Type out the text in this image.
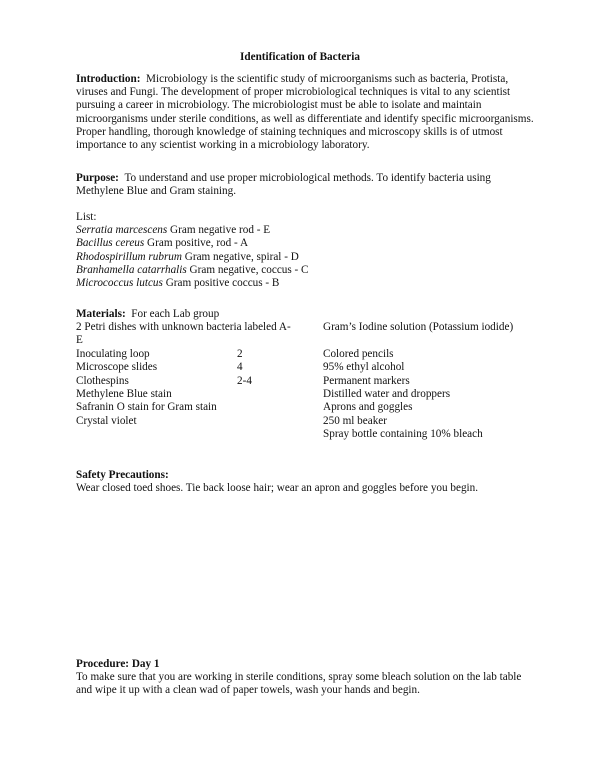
Identification of Bacteria

Introduction: Microbiology is the scientific study of microorganisms such as bacteria, Protista, viruses and Fungi. The development of proper microbiological techniques is vital to any scientist pursuing a career in microbiology. The microbiologist must be able to isolate and maintain microorganisms under sterile conditions, as well as differentiate and identify specific microorganisms. Proper handling, thorough knowledge of staining techniques and microscopy skills is of utmost importance to any scientist working in a microbiology laboratory.

Purpose: To understand and use proper microbiological methods. To identify bacteria using Methylene Blue and Gram staining.

List:
Serratia marcescens Gram negative rod - E
Bacillus cereus Gram positive, rod - A
Rhodospirillum rubrum Gram negative, spiral - D
Branhamella catarrhalis Gram negative, coccus - C
Micrococcus lutcus Gram positive coccus - B
Materials: For each Lab group
2 Petri dishes with unknown bacteria labeled A-E
Inoculating loop
Microscope slides
Clothespins
Methylene Blue stain
Safranin O stain for Gram stain
Crystal violet
2
4
2-4
Gram’s Iodine solution (Potassium iodide)
Colored pencils
95% ethyl alcohol
Permanent markers
Distilled water and droppers
Aprons and goggles
250 ml beaker
Spray bottle containing 10% bleach
Safety Precautions:
Wear closed toed shoes. Tie back loose hair; wear an apron and goggles before you begin.
Procedure: Day 1
To make sure that you are working in sterile conditions, spray some bleach solution on the lab table and wipe it up with a clean wad of paper towels, wash your hands and begin.
